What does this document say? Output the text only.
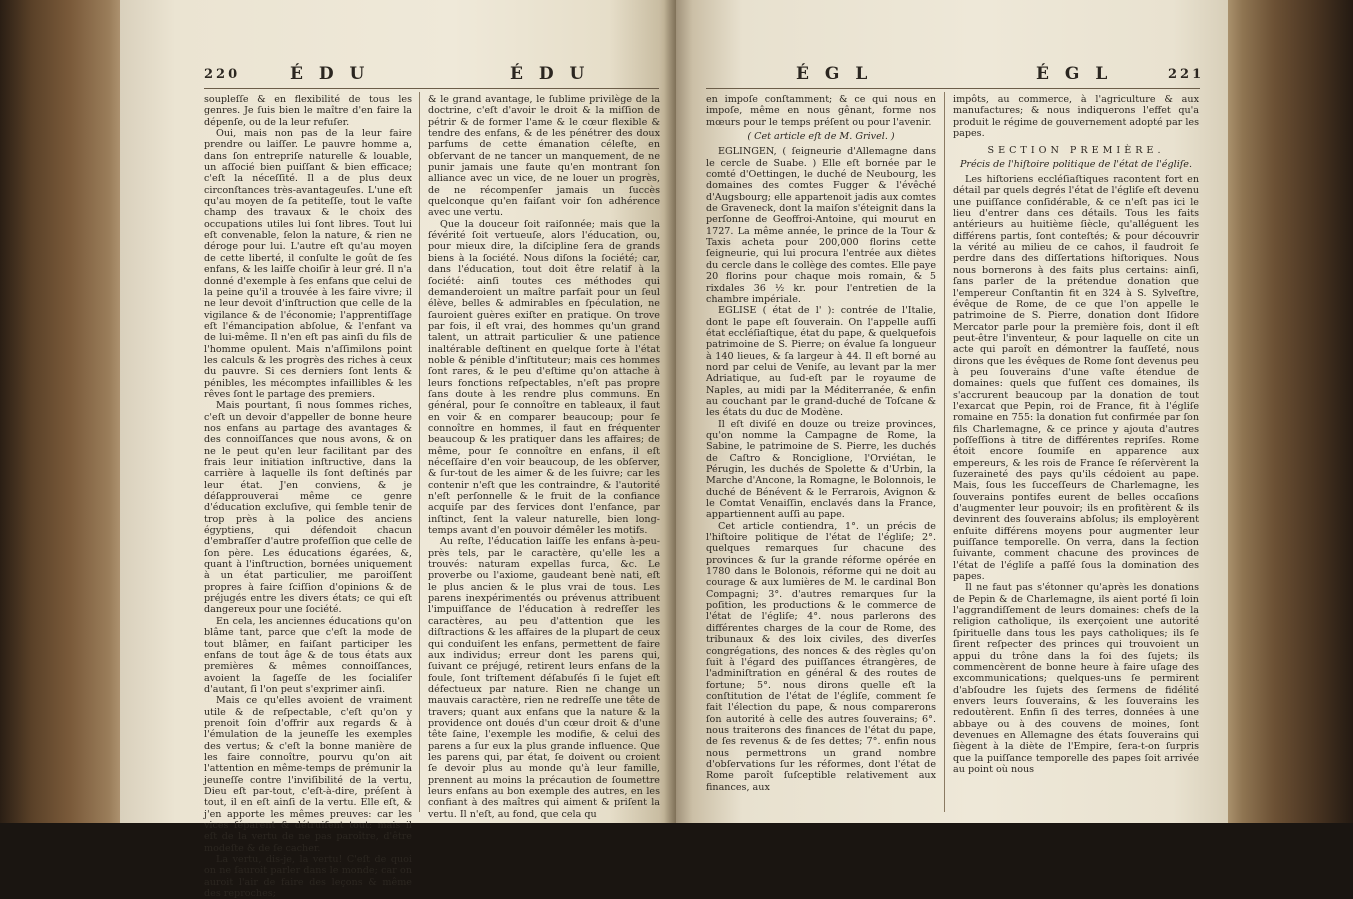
220	É D U	É D U

soupleſſe & en flexibilité de tous les genres. Je ſuis bien le maître d'en faire la dépenſe, ou de la leur refuſer.

Oui, mais non pas de la leur faire prendre ou laiſſer. Le pauvre homme a, dans ſon entrepriſe naturelle & louable, un aſſocié bien puiſſant & bien efficace; c'eſt la néceſſité. Il a de plus deux circonſtances très-avantageuſes. L'une eſt qu'au moyen de ſa petiteſſe, tout le vaſte champ des travaux & le choix des occupations utiles lui ſont libres. Tout lui eſt convenable, ſelon la nature, & rien ne déroge pour lui. L'autre eſt qu'au moyen de cette liberté, il conſulte le goût de ſes enfans, & les laiſſe choiſir à leur gré. Il n'a donné d'exemple à ſes enfans que celui de la peine qu'il a trouvée à les faire vivre; il ne leur devoit d'inſtruction que celle de la vigilance & de l'économie; l'apprentiſſage eſt l'émancipation abſolue, & l'enfant va de lui-même. Il n'en eſt pas ainſi du fils de l'homme opulent. Mais n'aſſimilons point les calculs & les progrès des riches à ceux du pauvre. Si ces derniers ſont lents & pénibles, les mécomptes infaillibles & les rêves ſont le partage des premiers.

Mais pourtant, ſi nous ſommes riches, c'eſt un devoir d'appeller de bonne heure nos enfans au partage des avantages & des connoiſſances que nous avons, & on ne le peut qu'en leur facilitant par des frais leur initiation inſtructive, dans la carrière à laquelle ils ſont deſtinés par leur état. J'en conviens, & je déſapprouverai même ce genre d'éducation excluſive, qui ſemble tenir de trop près à la police des anciens égyptiens, qui défendoit chacun d'embraſſer d'autre profeſſion que celle de ſon père. Les éducations égarées, &, quant à l'inſtruction, bornées uniquement à un état particulier, me paroiſſent propres à faire ſciſſion d'opinions & de préjugés entre les divers états; ce qui eſt dangereux pour une ſociété.

En cela, les anciennes éducations qu'on blâme tant, parce que c'eſt la mode de tout blâmer, en faiſant participer les enfans de tout âge & de tous états aux premières & mêmes connoiſſances, avoient la ſageſſe de les ſocialiſer d'autant, ſi l'on peut s'exprimer ainſi.

Mais ce qu'elles avoient de vraiment utile & de reſpectable, c'eſt qu'on y prenoit ſoin d'offrir aux regards & à l'émulation de la jeuneſſe les exemples des vertus; & c'eſt la bonne manière de les faire connoître, pourvu qu'on ait l'attention en même-temps de prémunir la jeuneſſe contre l'inviſibilité de la vertu, Dieu eſt par-tout, c'eſt-à-dire, préſent à tout, il en eſt ainſi de la vertu. Elle eſt, & j'en apporte les mêmes preuves: car les vices ſéparent & détruiſent tout: mais il eſt de la vertu de ne pas paroître, d'être modeſte & de ſe cacher.

La vertu, dis-je, la vertu! C'eſt de quoi on ne ſauroit parler dans le monde; car on auroit l'air de faire des leçons & même des reproches;

& le grand avantage, le ſublime privilège de la doctrine, c'eſt d'avoir le droit & la miſſion de pétrir & de former l'ame & le cœur flexible & tendre des enfans, & de les pénétrer des doux parfums de cette émanation céleſte, en obſervant de ne tancer un manquement, de ne punir jamais une faute qu'en montrant ſon alliance avec un vice, de ne louer un progrès, de ne récompenſer jamais un ſuccès quelconque qu'en faiſant voir ſon adhérence avec une vertu.

Que la douceur ſoit raiſonnée; mais que la ſévérité ſoit vertueuſe, alors l'éducation, ou, pour mieux dire, la diſcipline ſera de grands biens à la ſociété. Nous diſons la ſociété; car, dans l'éducation, tout doit être relatif à la ſociété: ainſi toutes ces méthodes qui demanderoient un maître parfait pour un ſeul élève, belles & admirables en ſpéculation, ne ſauroient guères exiſter en pratique. On trove par fois, il eſt vrai, des hommes qu'un grand talent, un attrait particulier & une patience inaltérable deſtinent en quelque ſorte à l'état noble & pénible d'inſtituteur; mais ces hommes ſont rares, & le peu d'eſtime qu'on attache à leurs fonctions reſpectables, n'eſt pas propre ſans doute à les rendre plus communs. En général, pour ſe connoître en tableaux, il faut en voir & en comparer beaucoup; pour ſe connoître en hommes, il faut en fréquenter beaucoup & les pratiquer dans les affaires; de même, pour ſe connoître en enfans, il eſt néceſſaire d'en voir beaucoup, de les obſerver, & ſur-tout de les aimer & de les ſuivre; car les contenir n'eſt que les contraindre, & l'autorité n'eſt perſonnelle & le fruit de la confiance acquiſe par des ſervices dont l'enfance, par inſtinct, ſent la valeur naturelle, bien long-temps avant d'en pouvoir démêler les motifs.

Au reſte, l'éducation laiſſe les enfans à-peu-près tels, par le caractère, qu'elle les a trouvés: naturam expellas furca, &c. Le proverbe ou l'axiome, gaudeant benè nati, eſt le plus ancien & le plus vrai de tous. Les parens inexpérimentés ou prévenus attribuent l'impuiſſance de l'éducation à redreſſer les caractères, au peu d'attention que les diſtractions & les affaires de la plupart de ceux qui conduiſent les enfans, permettent de faire aux individus; erreur dont les parens qui, ſuivant ce préjugé, retirent leurs enfans de la foule, ſont triſtement déſabuſés ſi le ſujet eſt défectueux par nature. Rien ne change un mauvais caractère, rien ne redreſſe une tête de travers; quant aux enfans que la nature & la providence ont doués d'un cœur droit & d'une tête ſaine, l'exemple les modifie, & celui des parens a ſur eux la plus grande influence. Que les parens qui, par état, ſe doivent ou croient ſe devoir plus au monde qu'à leur famille, prennent au moins la précaution de ſoumettre leurs enfans au bon exemple des autres, en les confiant à des maîtres qui aiment & priſent la vertu. Il n'eſt, au fond, que cela qu

É G L	É G L	221

en impoſe conſtamment; & ce qui nous en impoſe, même en nous gênant, forme nos mœurs pour le temps préſent ou pour l'avenir.

( Cet article eſt de M. Grivel. )

EGLINGEN, ( ſeigneurie d'Allemagne dans le cercle de Suabe. ) Elle eſt bornée par le comté d'Oettingen, le duché de Neubourg, les domaines des comtes Fugger & l'évêché d'Augsbourg; elle appartenoit jadis aux comtes de Graveneck, dont la maiſon s'éteignit dans la perſonne de Geoffroi-Antoine, qui mourut en 1727. La même année, le prince de la Tour & Taxis acheta pour 200,000 florins cette ſeigneurie, qui lui procura l'entrée aux diètes du cercle dans le collège des comtes. Elle paye 20 florins pour chaque mois romain, & 5 rixdales 36 ½ kr. pour l'entretien de la chambre impériale.

EGLISE ( état de l' ): contrée de l'Italie, dont le pape eſt ſouverain. On l'appelle auſſi état eccléſiaſtique, état du pape, & quelquefois patrimoine de S. Pierre; on évalue ſa longueur à 140 lieues, & ſa largeur à 44. Il eſt borné au nord par celui de Veniſe, au levant par la mer Adriatique, au ſud-eſt par le royaume de Naples, au midi par la Méditerranée, & enfin au couchant par le grand-duché de Toſcane & les états du duc de Modène.

Il eſt diviſé en douze ou treize provinces, qu'on nomme la Campagne de Rome, la Sabine, le patrimoine de S. Pierre, les duchés de Caſtro & Ronciglione, l'Orviétan, le Pérugin, les duchés de Spolette & d'Urbin, la Marche d'Ancone, la Romagne, le Bolonnois, le duché de Bénévent & le Ferrarois, Avignon & le Comtat Venaiſſin, enclavés dans la France, appartiennent auſſi au pape.

Cet article contiendra, 1°. un précis de l'hiſtoire politique de l'état de l'égliſe; 2°. quelques remarques ſur chacune des provinces & ſur la grande réforme opérée en 1780 dans le Bolonois, réforme qui ne doit au courage & aux lumières de M. le cardinal Bon Compagni; 3°. d'autres remarques ſur la poſition, les productions & le commerce de l'état de l'égliſe; 4°. nous parlerons des différentes charges de la cour de Rome, des tribunaux & des loix civiles, des diverſes congrégations, des nonces & des règles qu'on ſuit à l'égard des puiſſances étrangères, de l'adminiſtration en général & des routes de fortune; 5°. nous dirons quelle eſt la conſtitution de l'état de l'égliſe, comment ſe fait l'élection du pape, & nous comparerons ſon autorité à celle des autres ſouverains; 6°. nous traiterons des finances de l'état du pape, de ſes revenus & de ſes dettes; 7°. enfin nous nous permettrons un grand nombre d'obſervations ſur les réformes, dont l'état de Rome paroît ſuſceptible relativement aux finances, aux

impôts, au commerce, à l'agriculture & aux manufactures; & nous indiquerons l'effet qu'a produit le régime de gouvernement adopté par les papes.

SECTION PREMIÈRE.

Précis de l'hiſtoire politique de l'état de l'égliſe.

Les hiſtoriens eccléſiaſtiques racontent fort en détail par quels degrés l'état de l'égliſe eſt devenu une puiſſance conſidérable, & ce n'eſt pas ici le lieu d'entrer dans ces détails. Tous les faits antérieurs au huitième ſiècle, qu'alléguent les différens partis, ſont conteſtés; & pour découvrir la vérité au milieu de ce cahos, il faudroit ſe perdre dans des diſſertations hiſtoriques. Nous nous bornerons à des faits plus certains: ainſi, ſans parler de la prétendue donation que l'empereur Conſtantin fit en 324 à S. Sylveſtre, évêque de Rome, de ce que l'on appelle le patrimoine de S. Pierre, donation dont Iſidore Mercator parle pour la première fois, dont il eſt peut-être l'inventeur, & pour laquelle on cite un acte qui paroît en démontrer la fauſſeté, nous dirons que les évêques de Rome ſont devenus peu à peu ſouverains d'une vaſte étendue de domaines: quels que fuſſent ces domaines, ils s'accrurent beaucoup par la donation de tout l'exarcat que Pepin, roi de France, fit à l'égliſe romaine en 755: la donation fut confirmée par ſon fils Charlemagne, & ce prince y ajouta d'autres poſſeſſions à titre de différentes repriſes. Rome étoit encore ſoumiſe en apparence aux empereurs, & les rois de France ſe réſervèrent la ſuzeraineté des pays qu'ils cédoient au pape. Mais, ſous les ſucceſſeurs de Charlemagne, les ſouverains pontifes eurent de belles occaſions d'augmenter leur pouvoir; ils en profitèrent & ils devinrent des ſouverains abſolus; ils employèrent enſuite différens moyens pour augmenter leur puiſſance temporelle. On verra, dans la ſection ſuivante, comment chacune des provinces de l'état de l'égliſe a paſſé ſous la domination des papes.

Il ne faut pas s'étonner qu'après les donations de Pepin & de Charlemagne, ils aient porté ſi loin l'aggrandiſſement de leurs domaines: chefs de la religion catholique, ils exerçoient une autorité ſpirituelle dans tous les pays catholiques; ils ſe ſirent reſpecter des princes qui trouvoient un appui du trône dans la foi des ſujets; ils commencèrent de bonne heure à faire uſage des excommunications; quelques-uns ſe permirent d'abſoudre les ſujets des ſermens de fidélité envers leurs ſouverains, & les ſouverains les redoutèrent. Enfin ſi des terres, données à une abbaye ou à des couvens de moines, ſont devenues en Allemagne des états ſouverains qui ſiègent à la diète de l'Empire, ſera-t-on ſurpris que la puiſſance temporelle des papes ſoit arrivée au point où nous
